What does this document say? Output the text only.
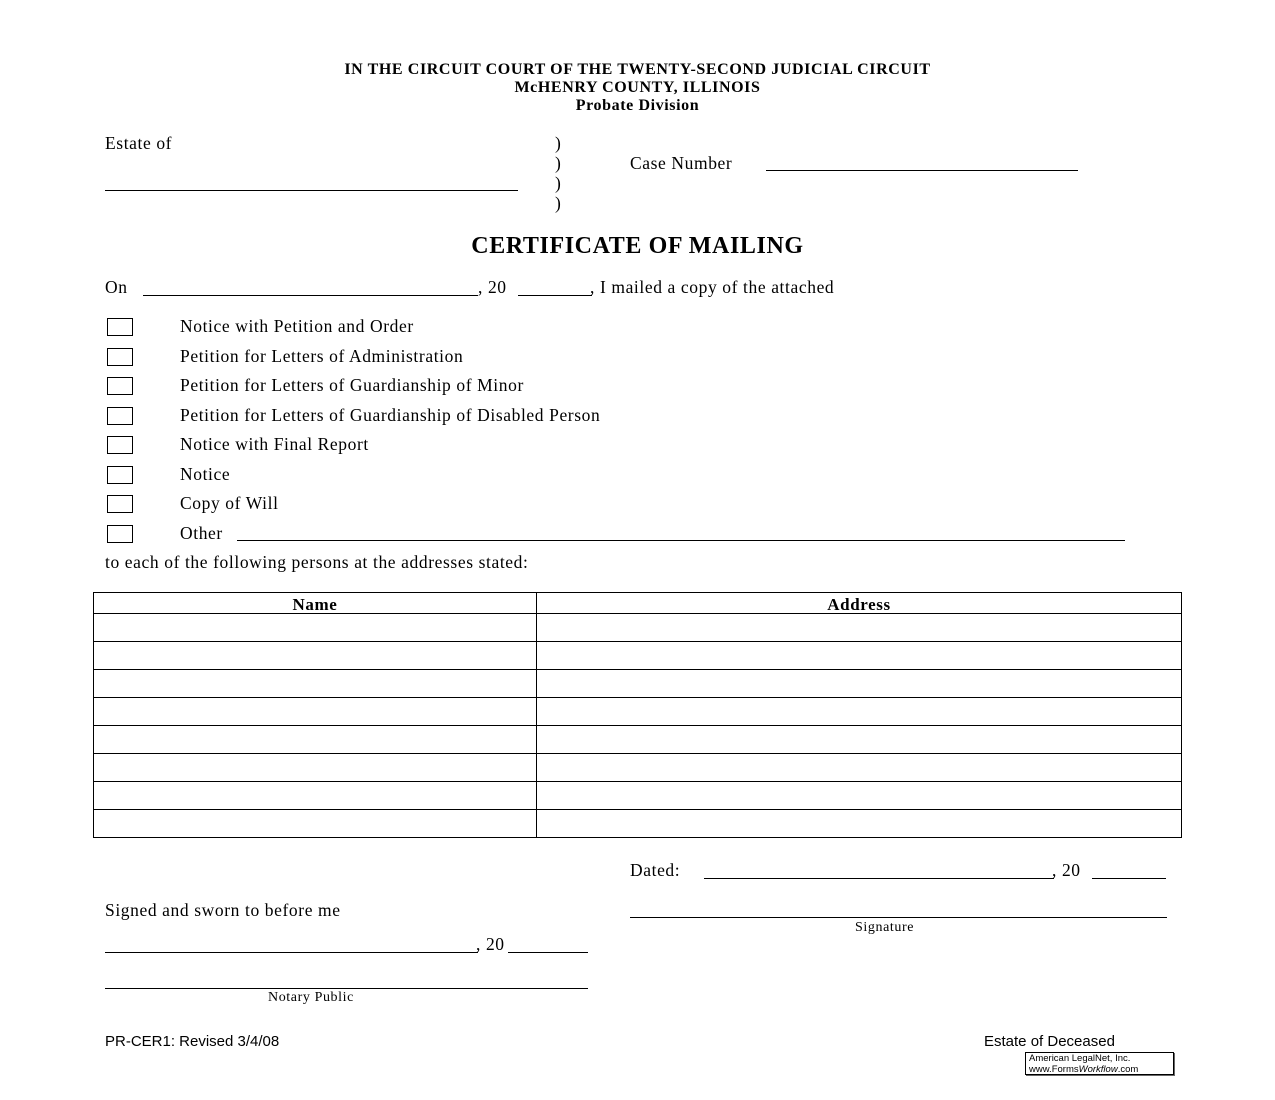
IN THE CIRCUIT COURT OF THE TWENTY-SECOND JUDICIAL CIRCUIT
McHENRY COUNTY, ILLINOIS
Probate Division
Estate of	)
)
)
)
Case Number
CERTIFICATE OF MAILING
On	, 20	, I mailed a copy of the attached
Notice with Petition and Order
Petition for Letters of Administration
Petition for Letters of Guardianship of Minor
Petition for Letters of Guardianship of Disabled Person
Notice with Final Report
Notice
Copy of Will
Other
to each of the following persons at the addresses stated:
Name	Address

Dated:	, 20
Signature
Signed and sworn to before me
, 20
Notary Public
PR-CER1: Revised 3/4/08	Estate of Deceased
American LegalNet, Inc.
www.FormsWorkflow.com
